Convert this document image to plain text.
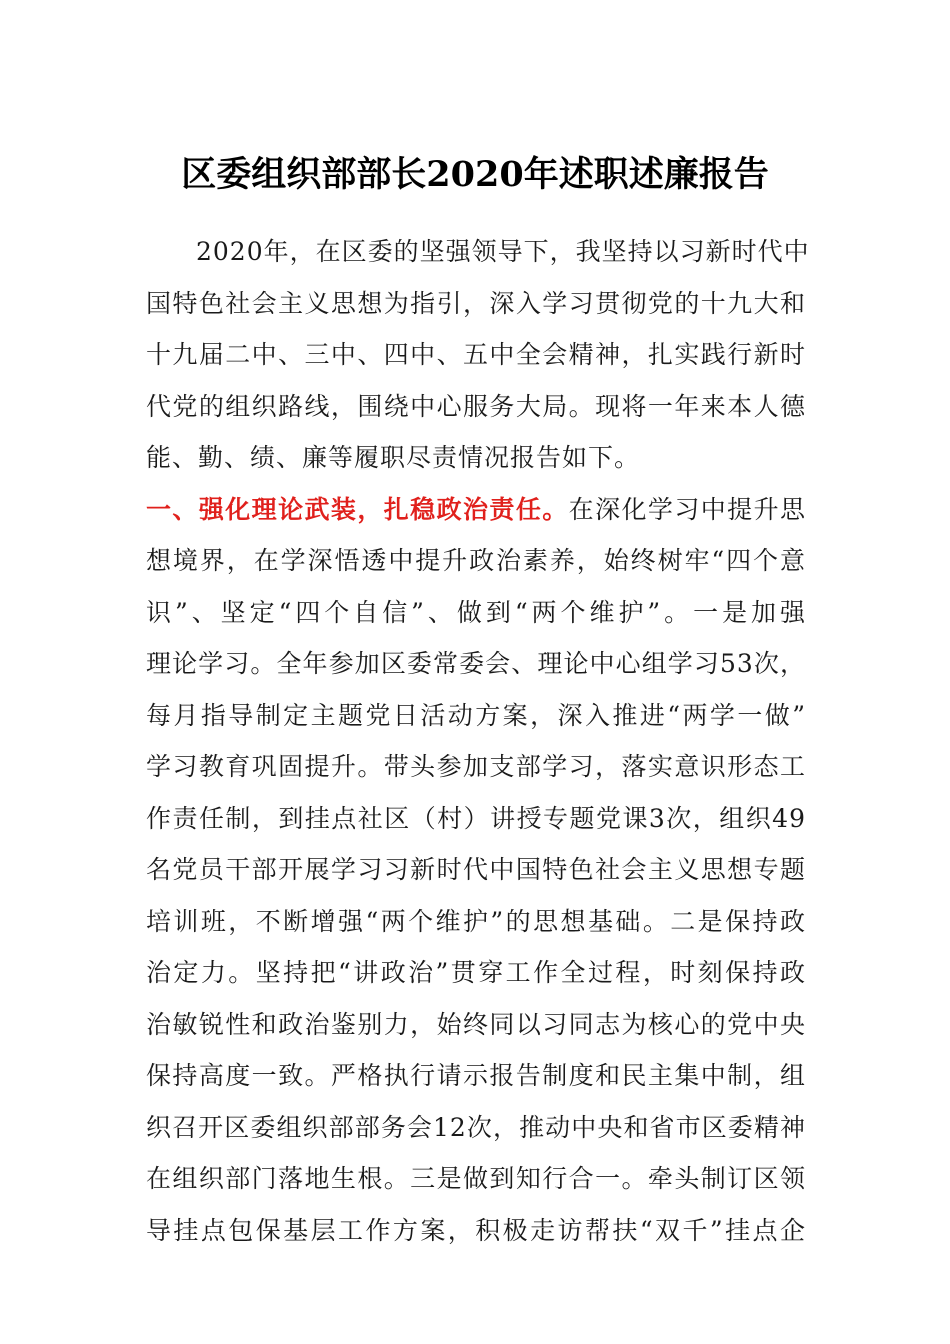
区委组织部部长2020年述职述廉报告
2020年，在区委的坚强领导下，我坚持以习新时代中
国特色社会主义思想为指引，深入学习贯彻党的十九大和
十九届二中、三中、四中、五中全会精神，扎实践行新时
代党的组织路线，围绕中心服务大局。现将一年来本人德
能、勤、绩、廉等履职尽责情况报告如下。
一、强化理论武装，扎稳政治责任。在深化学习中提升思
想境界，在学深悟透中提升政治素养，始终树牢“四个意
识”、坚定“四个自信”、做到“两个维护”。一是加强
理论学习。全年参加区委常委会、理论中心组学习53次，
每月指导制定主题党日活动方案，深入推进“两学一做”
学习教育巩固提升。带头参加支部学习，落实意识形态工
作责任制，到挂点社区（村）讲授专题党课3次，组织49
名党员干部开展学习习新时代中国特色社会主义思想专题
培训班，不断增强“两个维护”的思想基础。二是保持政
治定力。坚持把“讲政治”贯穿工作全过程，时刻保持政
治敏锐性和政治鉴别力，始终同以习同志为核心的党中央
保持高度一致。严格执行请示报告制度和民主集中制，组
织召开区委组织部部务会12次，推动中央和省市区委精神
在组织部门落地生根。三是做到知行合一。牵头制订区领
导挂点包保基层工作方案，积极走访帮扶“双千”挂点企
